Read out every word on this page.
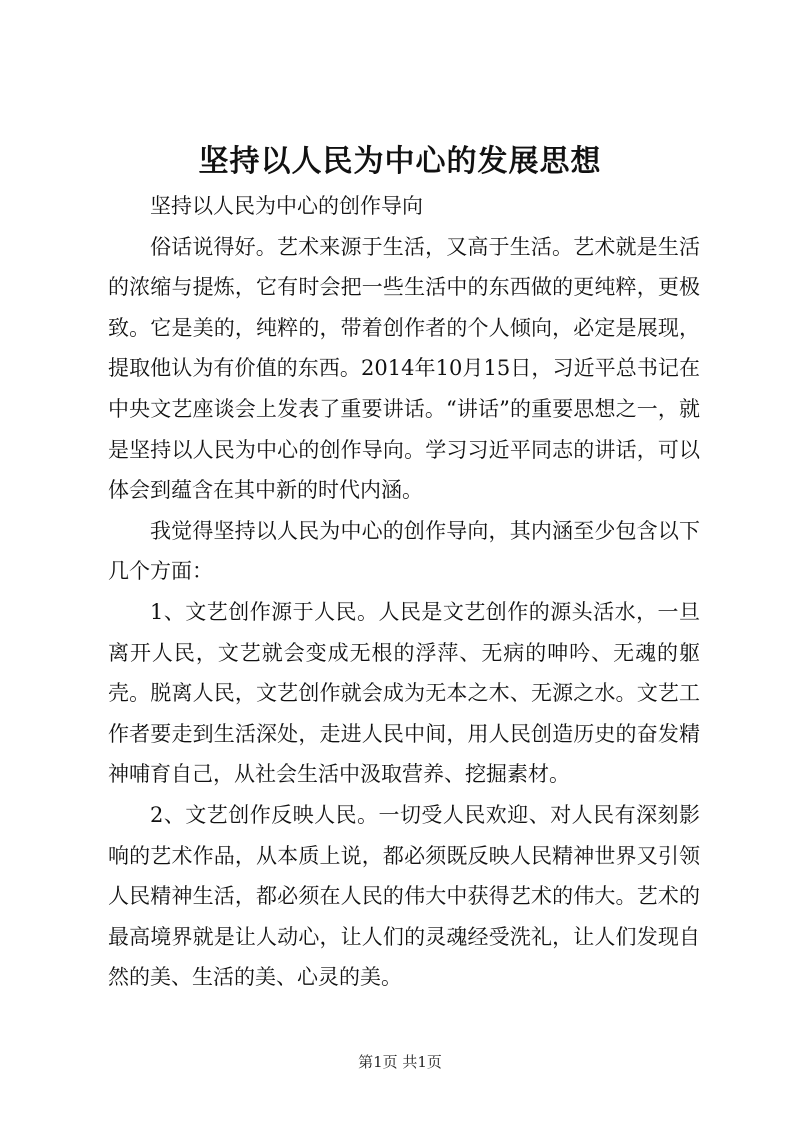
坚持以人民为中心的发展思想

坚持以人民为中心的创作导向

俗话说得好。艺术来源于生活，又高于生活。艺术就是生活的浓缩与提炼，它有时会把一些生活中的东西做的更纯粹，更极致。它是美的，纯粹的，带着创作者的个人倾向，必定是展现，提取他认为有价值的东西。2014年10月15日，习近平总书记在中央文艺座谈会上发表了重要讲话。“讲话”的重要思想之一，就是坚持以人民为中心的创作导向。学习习近平同志的讲话，可以体会到蕴含在其中新的时代内涵。

我觉得坚持以人民为中心的创作导向，其内涵至少包含以下几个方面：

1、文艺创作源于人民。人民是文艺创作的源头活水，一旦离开人民，文艺就会变成无根的浮萍、无病的呻吟、无魂的躯壳。脱离人民，文艺创作就会成为无本之木、无源之水。文艺工作者要走到生活深处，走进人民中间，用人民创造历史的奋发精神哺育自己，从社会生活中汲取营养、挖掘素材。

2、文艺创作反映人民。一切受人民欢迎、对人民有深刻影响的艺术作品，从本质上说，都必须既反映人民精神世界又引领人民精神生活，都必须在人民的伟大中获得艺术的伟大。艺术的最高境界就是让人动心，让人们的灵魂经受洗礼，让人们发现自然的美、生活的美、心灵的美。

第1页 共1页
